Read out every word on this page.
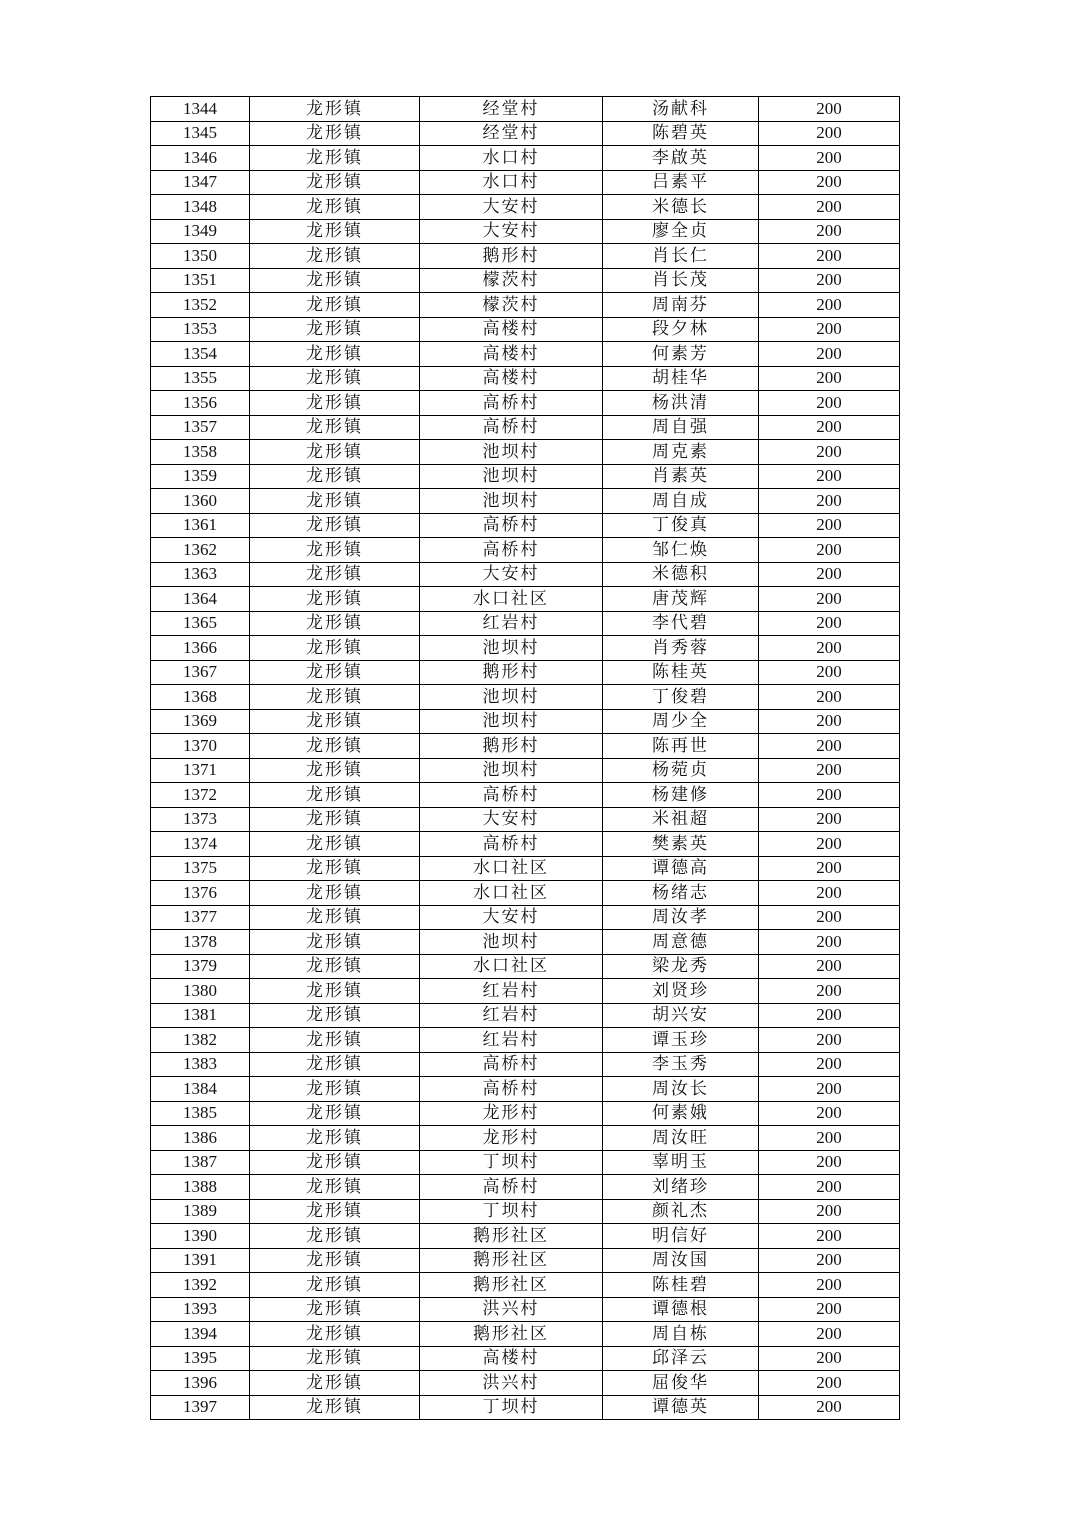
1344	龙形镇	经堂村	汤献科	200
1345	龙形镇	经堂村	陈碧英	200
1346	龙形镇	水口村	李啟英	200
1347	龙形镇	水口村	吕素平	200
1348	龙形镇	大安村	米德长	200
1349	龙形镇	大安村	廖全贞	200
1350	龙形镇	鹅形村	肖长仁	200
1351	龙形镇	檬茨村	肖长茂	200
1352	龙形镇	檬茨村	周南芬	200
1353	龙形镇	高楼村	段夕林	200
1354	龙形镇	高楼村	何素芳	200
1355	龙形镇	高楼村	胡桂华	200
1356	龙形镇	高桥村	杨洪清	200
1357	龙形镇	高桥村	周自强	200
1358	龙形镇	池坝村	周克素	200
1359	龙形镇	池坝村	肖素英	200
1360	龙形镇	池坝村	周自成	200
1361	龙形镇	高桥村	丁俊真	200
1362	龙形镇	高桥村	邹仁焕	200
1363	龙形镇	大安村	米德积	200
1364	龙形镇	水口社区	唐茂辉	200
1365	龙形镇	红岩村	李代碧	200
1366	龙形镇	池坝村	肖秀蓉	200
1367	龙形镇	鹅形村	陈桂英	200
1368	龙形镇	池坝村	丁俊碧	200
1369	龙形镇	池坝村	周少全	200
1370	龙形镇	鹅形村	陈再世	200
1371	龙形镇	池坝村	杨菀贞	200
1372	龙形镇	高桥村	杨建修	200
1373	龙形镇	大安村	米祖超	200
1374	龙形镇	高桥村	樊素英	200
1375	龙形镇	水口社区	谭德高	200
1376	龙形镇	水口社区	杨绪志	200
1377	龙形镇	大安村	周汝孝	200
1378	龙形镇	池坝村	周意德	200
1379	龙形镇	水口社区	梁龙秀	200
1380	龙形镇	红岩村	刘贤珍	200
1381	龙形镇	红岩村	胡兴安	200
1382	龙形镇	红岩村	谭玉珍	200
1383	龙形镇	高桥村	李玉秀	200
1384	龙形镇	高桥村	周汝长	200
1385	龙形镇	龙形村	何素娥	200
1386	龙形镇	龙形村	周汝旺	200
1387	龙形镇	丁坝村	辜明玉	200
1388	龙形镇	高桥村	刘绪珍	200
1389	龙形镇	丁坝村	颜礼杰	200
1390	龙形镇	鹅形社区	明信好	200
1391	龙形镇	鹅形社区	周汝国	200
1392	龙形镇	鹅形社区	陈桂碧	200
1393	龙形镇	洪兴村	谭德根	200
1394	龙形镇	鹅形社区	周自栋	200
1395	龙形镇	高楼村	邱泽云	200
1396	龙形镇	洪兴村	屈俊华	200
1397	龙形镇	丁坝村	谭德英	200
